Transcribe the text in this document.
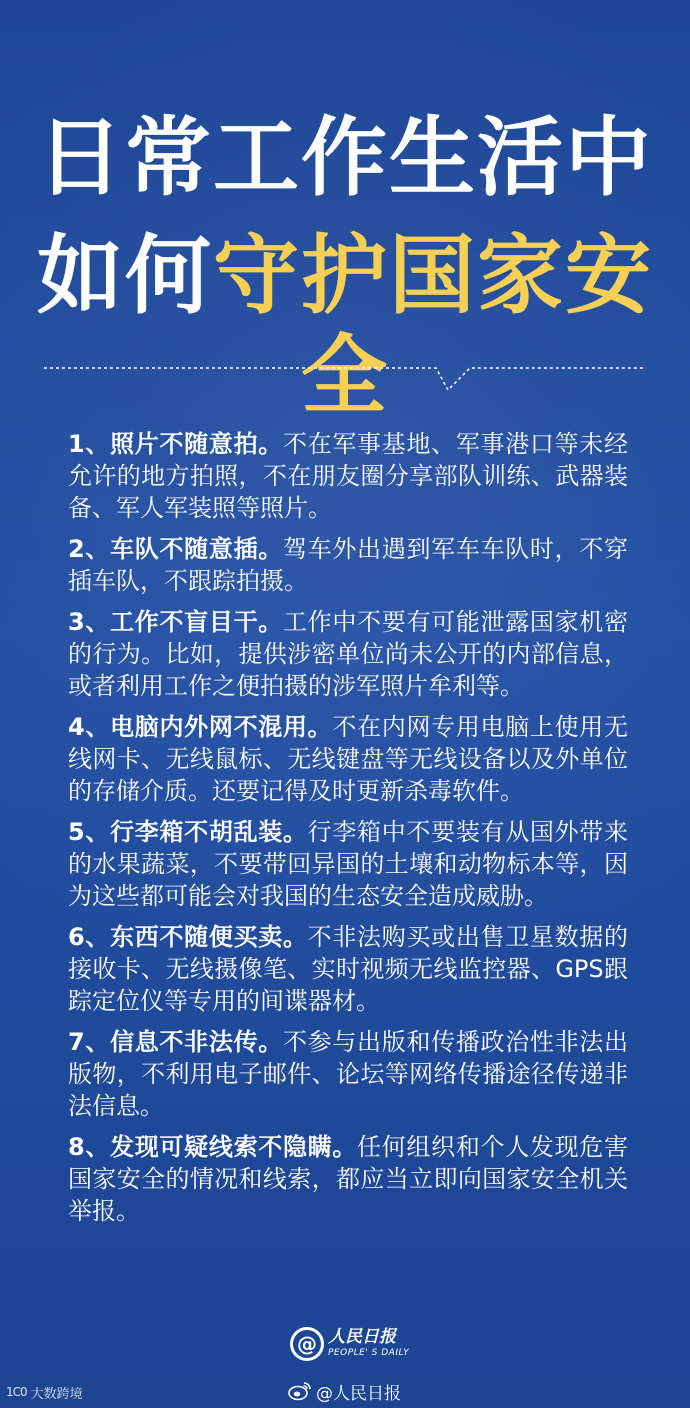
日常工作生活中
如何守护国家安全

1、照片不随意拍。不在军事基地、军事港口等未经允许的地方拍照，不在朋友圈分享部队训练、武器装备、军人军装照等照片。

2、车队不随意插。驾车外出遇到军车车队时，不穿插车队，不跟踪拍摄。

3、工作不盲目干。工作中不要有可能泄露国家机密的行为。比如，提供涉密单位尚未公开的内部信息，或者利用工作之便拍摄的涉军照片牟利等。

4、电脑内外网不混用。不在内网专用电脑上使用无线网卡、无线鼠标、无线键盘等无线设备以及外单位的存储介质。还要记得及时更新杀毒软件。

5、行李箱不胡乱装。行李箱中不要装有从国外带来的水果蔬菜，不要带回异国的土壤和动物标本等，因为这些都可能会对我国的生态安全造成威胁。

6、东西不随便买卖。不非法购买或出售卫星数据的接收卡、无线摄像笔、实时视频无线监控器、GPS跟踪定位仪等专用的间谍器材。

7、信息不非法传。不参与出版和传播政治性非法出版物，不利用电子邮件、论坛等网络传播途径传递非法信息。

8、发现可疑线索不隐瞒。任何组织和个人发现危害国家安全的情况和线索，都应当立即向国家安全机关举报。

@ 人民日报
PEOPLE' S DAILY
1C0 大数跨境	@人民日报
